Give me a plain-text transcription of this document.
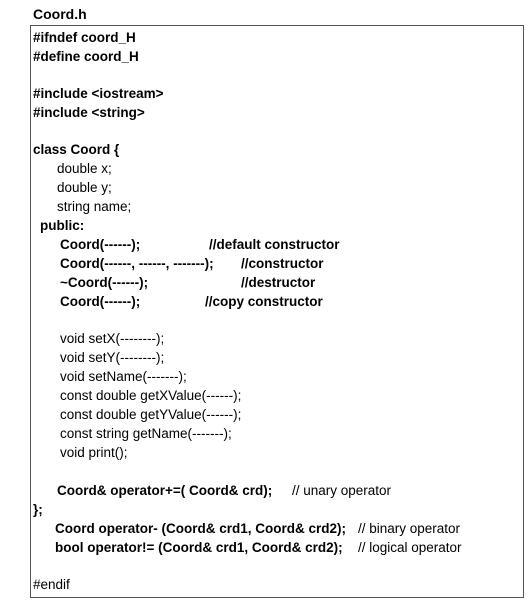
Coord.h
#ifndef coord_H
#define coord_H
#include <iostream>
#include <string>
class Coord {
double x;
double y;
string name;
public:
Coord(------);	//default constructor
Coord(------, ------, -------); //constructor
~Coord(------);	//destructor
Coord(------);	//copy constructor
void setX(--------);
void setY(--------);
void setName(-------);
const double getXValue(------);
const double getYValue(------);
const string getName(-------);
void print();
Coord& operator+=( Coord& crd); // unary operator
};
Coord operator- (Coord& crd1, Coord& crd2); // binary operator
bool operator!= (Coord& crd1, Coord& crd2); // logical operator
#endif
